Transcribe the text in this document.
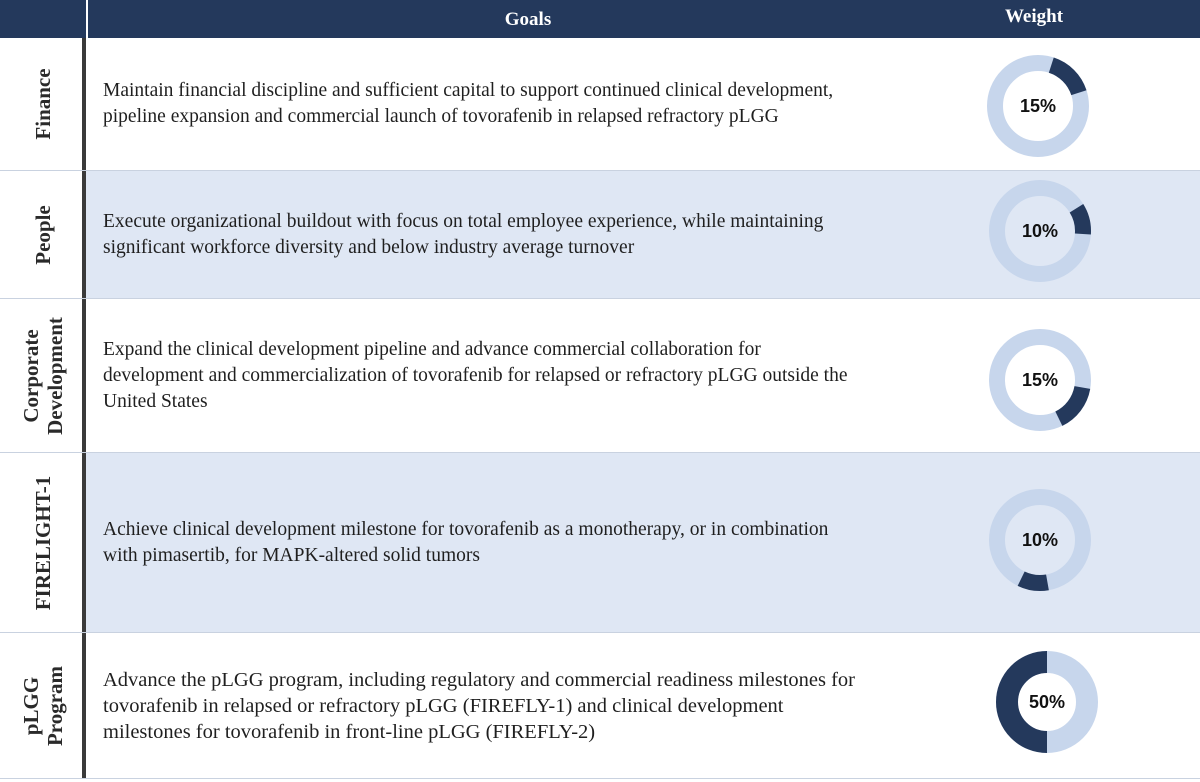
Goals	Weight
Finance Maintain financial discipline and sufficient capital to support continued clinical development, pipeline expansion and commercial launch of tovorafenib in relapsed refractory pLGG	15%
People Execute organizational buildout with focus on total employee experience, while maintaining significant workforce diversity and below industry average turnover
10%
Corporate
Development Expand the clinical development pipeline and advance commercial collaboration for development and commercialization of tovorafenib for relapsed or refractory pLGG outside the United States
15%
FIRELIGHT-1 Achieve clinical development milestone for tovorafenib as a monotherapy, or in combination with pimasertib, for MAPK-altered solid tumors
10%
pLGG
Program Advance the pLGG program, including regulatory and commercial readiness milestones for tovorafenib in relapsed or refractory pLGG (FIREFLY-1) and clinical development milestones for tovorafenib in front-line pLGG (FIREFLY-2)
50%
